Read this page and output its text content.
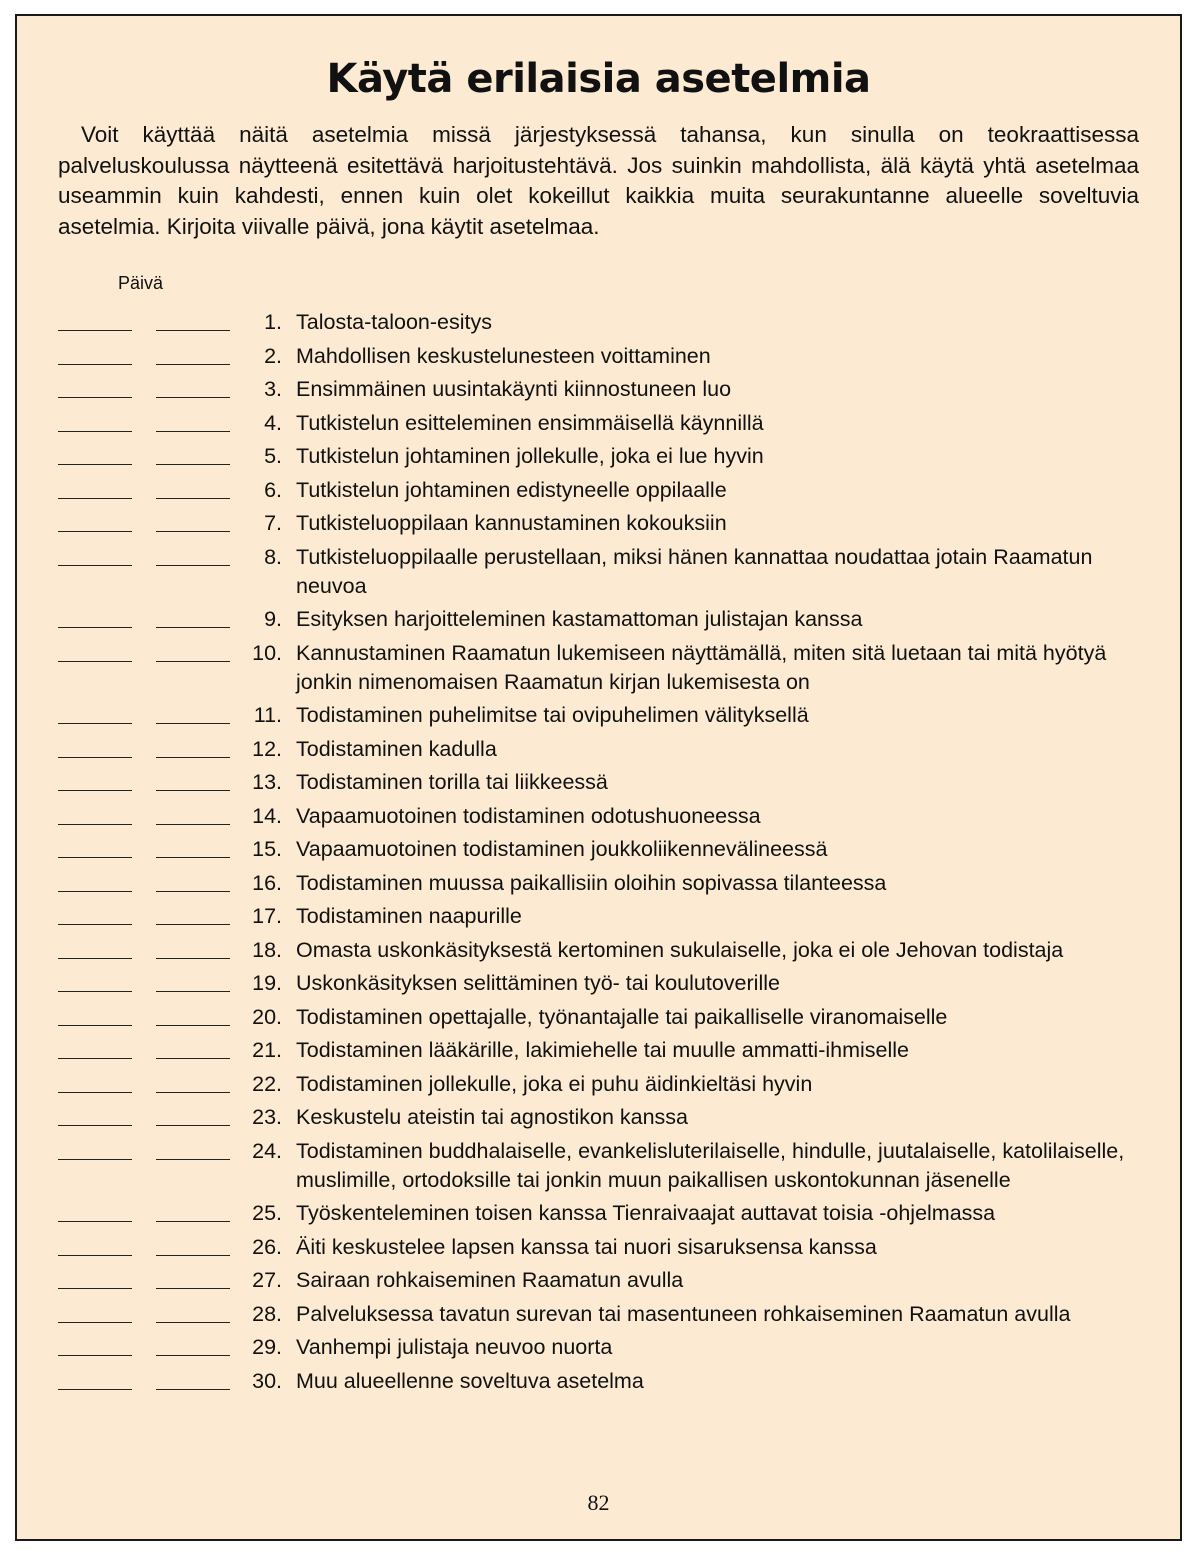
Käytä erilaisia asetelmia

Voit käyttää näitä asetelmia missä järjestyksessä tahansa, kun sinulla on teokraattisessa palveluskoulussa näytteenä esitettävä harjoitustehtävä. Jos suinkin mahdollista, älä käytä yhtä asetelmaa useammin kuin kahdesti, ennen kuin olet kokeillut kaikkia muita seurakuntanne alueelle soveltuvia asetelmia. Kirjoita viivalle päivä, jona käytit asetelmaa.

Päivä
1. Talosta-taloon-esitys
2. Mahdollisen keskustelunesteen voittaminen
3. Ensimmäinen uusintakäynti kiinnostuneen luo
4. Tutkistelun esitteleminen ensimmäisellä käynnillä
5. Tutkistelun johtaminen jollekulle, joka ei lue hyvin
6. Tutkistelun johtaminen edistyneelle oppilaalle
7. Tutkisteluoppilaan kannustaminen kokouksiin
8. Tutkisteluoppilaalle perustellaan, miksi hänen kannattaa noudattaa jotain Raamatun neuvoa
9. Esityksen harjoitteleminen kastamattoman julistajan kanssa
10. Kannustaminen Raamatun lukemiseen näyttämällä, miten sitä luetaan tai mitä hyötyä jonkin nimenomaisen Raamatun kirjan lukemisesta on
11. Todistaminen puhelimitse tai ovipuhelimen välityksellä
12. Todistaminen kadulla
13. Todistaminen torilla tai liikkeessä
14. Vapaamuotoinen todistaminen odotushuoneessa
15. Vapaamuotoinen todistaminen joukkoliikennevälineessä
16. Todistaminen muussa paikallisiin oloihin sopivassa tilanteessa
17. Todistaminen naapurille
18. Omasta uskonkäsityksestä kertominen sukulaiselle, joka ei ole Jehovan todistaja
19. Uskonkäsityksen selittäminen työ- tai koulutoverille
20. Todistaminen opettajalle, työnantajalle tai paikalliselle viranomaiselle
21. Todistaminen lääkärille, lakimiehelle tai muulle ammatti-ihmiselle
22. Todistaminen jollekulle, joka ei puhu äidinkieltäsi hyvin
23. Keskustelu ateistin tai agnostikon kanssa
24. Todistaminen buddhalaiselle, evankelisluterilaiselle, hindulle, juutalaiselle, katolilaiselle, muslimille, ortodoksille tai jonkin muun paikallisen uskontokunnan jäsenelle
25. Työskenteleminen toisen kanssa Tienraivaajat auttavat toisia -ohjelmassa
26. Äiti keskustelee lapsen kanssa tai nuori sisaruksensa kanssa
27. Sairaan rohkaiseminen Raamatun avulla
28. Palveluksessa tavatun surevan tai masentuneen rohkaiseminen Raamatun avulla
29. Vanhempi julistaja neuvoo nuorta
30. Muu alueellenne soveltuva asetelma
82
